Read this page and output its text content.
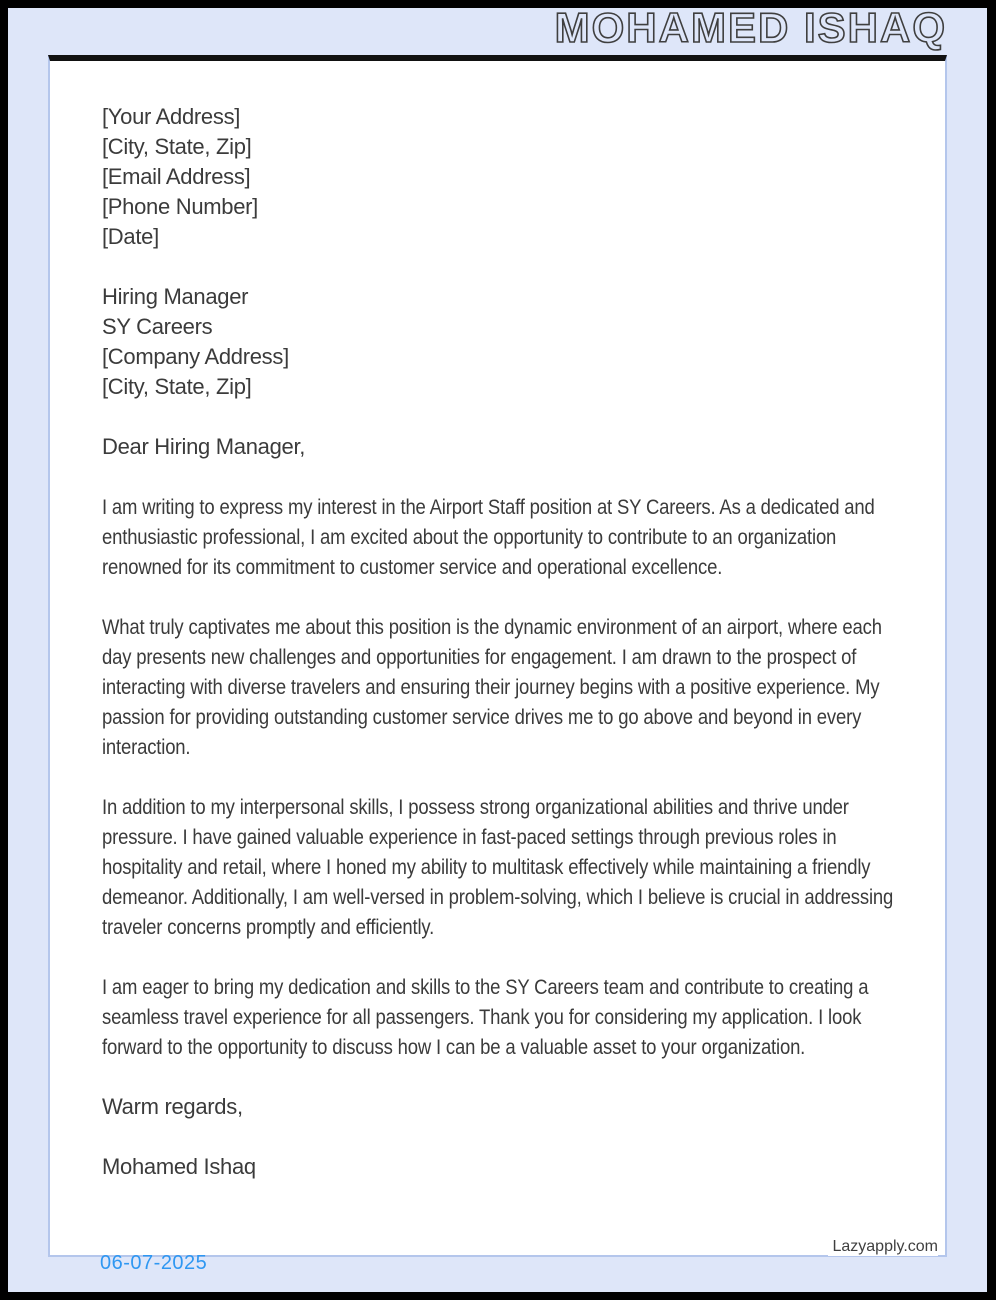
MOHAMED ISHAQ
[Your Address]
[City, State, Zip]
[Email Address]
[Phone Number]
[Date]
Hiring Manager
SY Careers
[Company Address]
[City, State, Zip]
Dear Hiring Manager,

I am writing to express my interest in the Airport Staff position at SY Careers. As a dedicated and enthusiastic professional, I am excited about the opportunity to contribute to an organization renowned for its commitment to customer service and operational excellence.

What truly captivates me about this position is the dynamic environment of an airport, where each day presents new challenges and opportunities for engagement. I am drawn to the prospect of interacting with diverse travelers and ensuring their journey begins with a positive experience. My passion for providing outstanding customer service drives me to go above and beyond in every interaction.

In addition to my interpersonal skills, I possess strong organizational abilities and thrive under pressure. I have gained valuable experience in fast-paced settings through previous roles in hospitality and retail, where I honed my ability to multitask effectively while maintaining a friendly demeanor. Additionally, I am well-versed in problem-solving, which I believe is crucial in addressing traveler concerns promptly and efficiently.

I am eager to bring my dedication and skills to the SY Careers team and contribute to creating a seamless travel experience for all passengers. Thank you for considering my application. I look forward to the opportunity to discuss how I can be a valuable asset to your organization.

Warm regards,
Mohamed Ishaq
Lazyapply.com
06-07-2025
